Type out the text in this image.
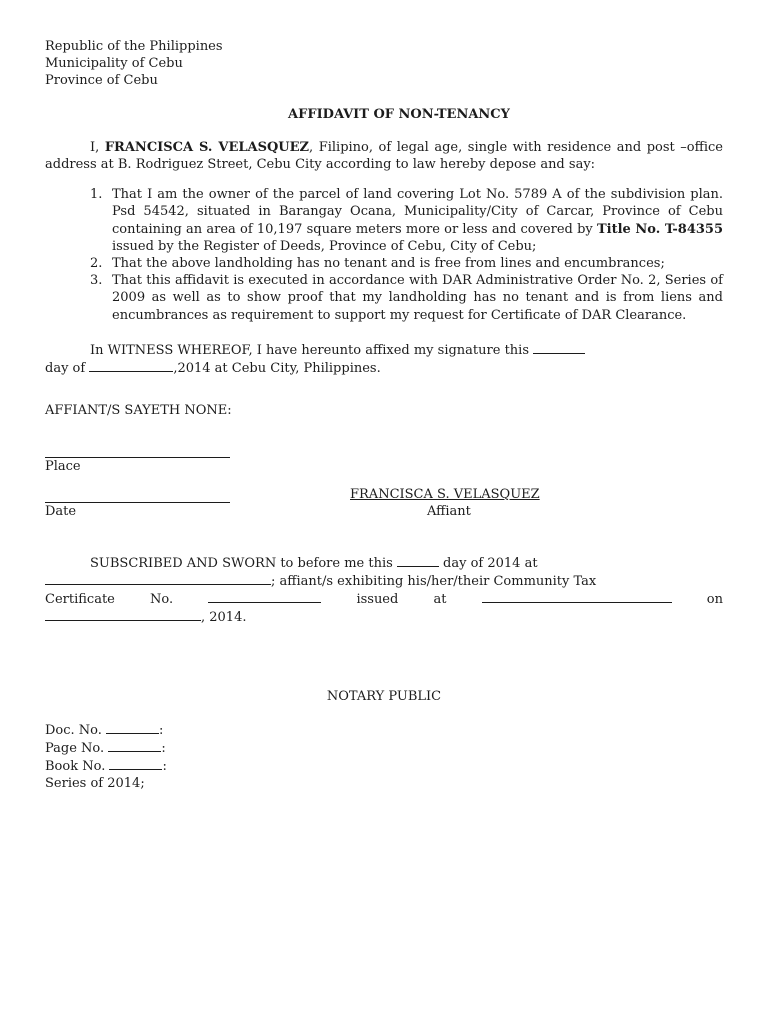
Republic of the Philippines
Municipality of Cebu
Province of Cebu
AFFIDAVIT OF NON-TENANCY
I, FRANCISCA S. VELASQUEZ, Filipino, of legal age, single with residence and post –office address at B. Rodriguez Street, Cebu City according to law hereby depose and say:
1. That I am the owner of the parcel of land covering Lot No. 5789 A of the subdivision plan. Psd 54542, situated in Barangay Ocana, Municipality/City of Carcar, Province of Cebu containing an area of 10,197 square meters more or less and covered by Title No. T-84355 issued by the Register of Deeds, Province of Cebu, City of Cebu;
2. That the above landholding has no tenant and is free from lines and encumbrances;
3. That this affidavit is executed in accordance with DAR Administrative Order No. 2, Series of 2009 as well as to show proof that my landholding has no tenant and is from liens and encumbrances as requirement to support my request for Certificate of DAR Clearance.
In WITNESS WHEREOF, I have hereunto affixed my signature this
day of	,2014 at Cebu City, Philippines.
AFFIANT/S SAYETH NONE:
Place
Date
FRANCISCA S. VELASQUEZ
Affiant
SUBSCRIBED AND SWORN to before me this	day of 2014 at
; affiant/s exhibiting his/her/their Community Tax
Certificate	No.	issued	at	on
, 2014.
NOTARY PUBLIC
Doc. No.	:
Page No.	:
Book No.	:
Series of 2014;
